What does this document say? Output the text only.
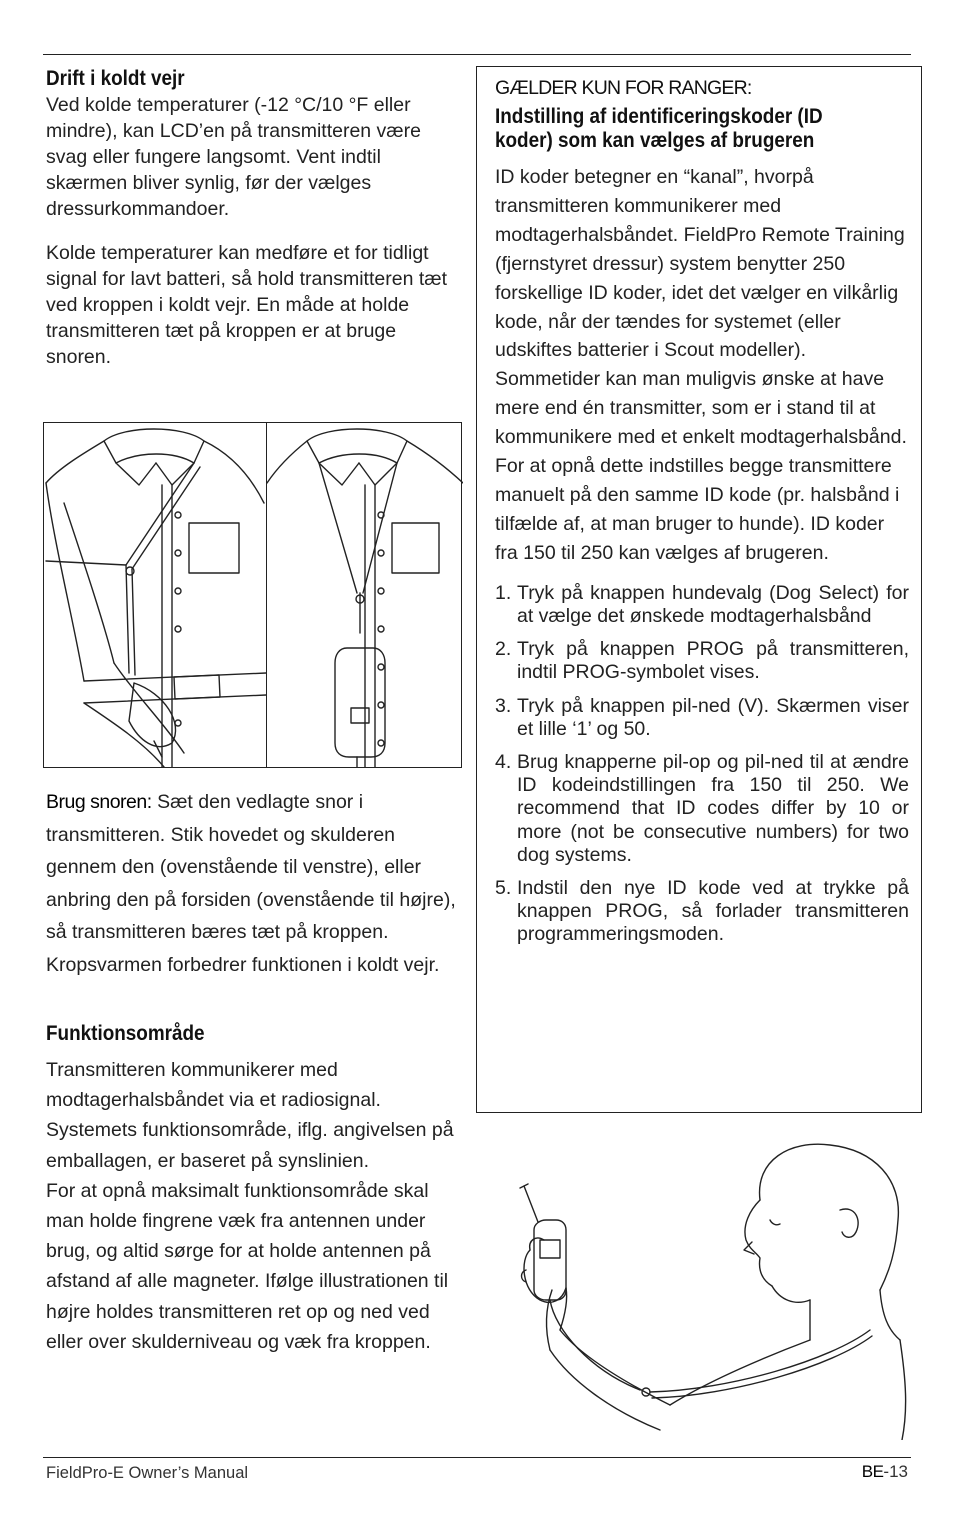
Drift i koldt vejr

Ved kolde temperaturer (-12 °C/10 °F eller mindre), kan LCD’en på transmitteren være svag eller fungere langsomt. Vent indtil skærmen bliver synlig, før der vælges dressurkommandoer.

Kolde temperaturer kan medføre et for tidligt signal for lavt batteri, så hold transmitteren tæt ved kroppen i koldt vejr. En måde at holde transmitteren tæt på kroppen er at bruge snoren.

Brug snoren: Sæt den vedlagte snor i transmitteren. Stik hovedet og skulderen gennem den (ovenstående til venstre), eller anbring den på forsiden (ovenstående til højre), så transmitteren bæres tæt på kroppen. Kropsvarmen forbedrer funktionen i koldt vejr.

Funktionsområde

Transmitteren kommunikerer med modtagerhalsbåndet via et radiosignal. Systemets funktionsområde, iflg. angivelsen på emballagen, er baseret på synslinien.

For at opnå maksimalt funktionsområde skal man holde fingrene væk fra antennen under brug, og altid sørge for at holde antennen på afstand af alle magneter. Ifølge illustrationen til højre holdes transmitteren ret op og ned ved eller over skulderniveau og væk fra kroppen.

GÆLDER KUN FOR RANGER:

Indstilling af identificeringskoder (ID koder) som kan vælges af brugeren

ID koder betegner en “kanal”, hvorpå transmitteren kommunikerer med modtagerhalsbåndet. FieldPro Remote Training (fjernstyret dressur) system benytter 250 forskellige ID koder, idet det vælger en vilkårlig kode, når der tændes for systemet (eller udskiftes batterier i Scout modeller). Sommetider kan man muligvis ønske at have mere end én transmitter, som er i stand til at kommunikere med et enkelt modtagerhalsbånd. For at opnå dette indstilles begge transmittere manuelt på den samme ID kode (pr. halsbånd i tilfælde af, at man bruger to hunde). ID koder fra 150 til 250 kan vælges af brugeren.

1. Tryk på knappen hundevalg (Dog Select) for at vælge det ønskede modtagerhalsbånd
2. Tryk på knappen PROG på transmitteren, indtil PROG-symbolet vises.
3. Tryk på knappen pil-ned (V). Skærmen viser et lille ‘1’ og 50.
4. Brug knapperne pil-op og pil-ned til at ændre ID kodeindstillingen fra 150 til 250. We recommend that ID codes differ by 10 or more (not be consecutive numbers) for two dog systems.
5. Indstil den nye ID kode ved at trykke på knappen PROG, så forlader transmitteren programmeringsmoden.
FieldPro-E Owner’s Manual	BE-13
